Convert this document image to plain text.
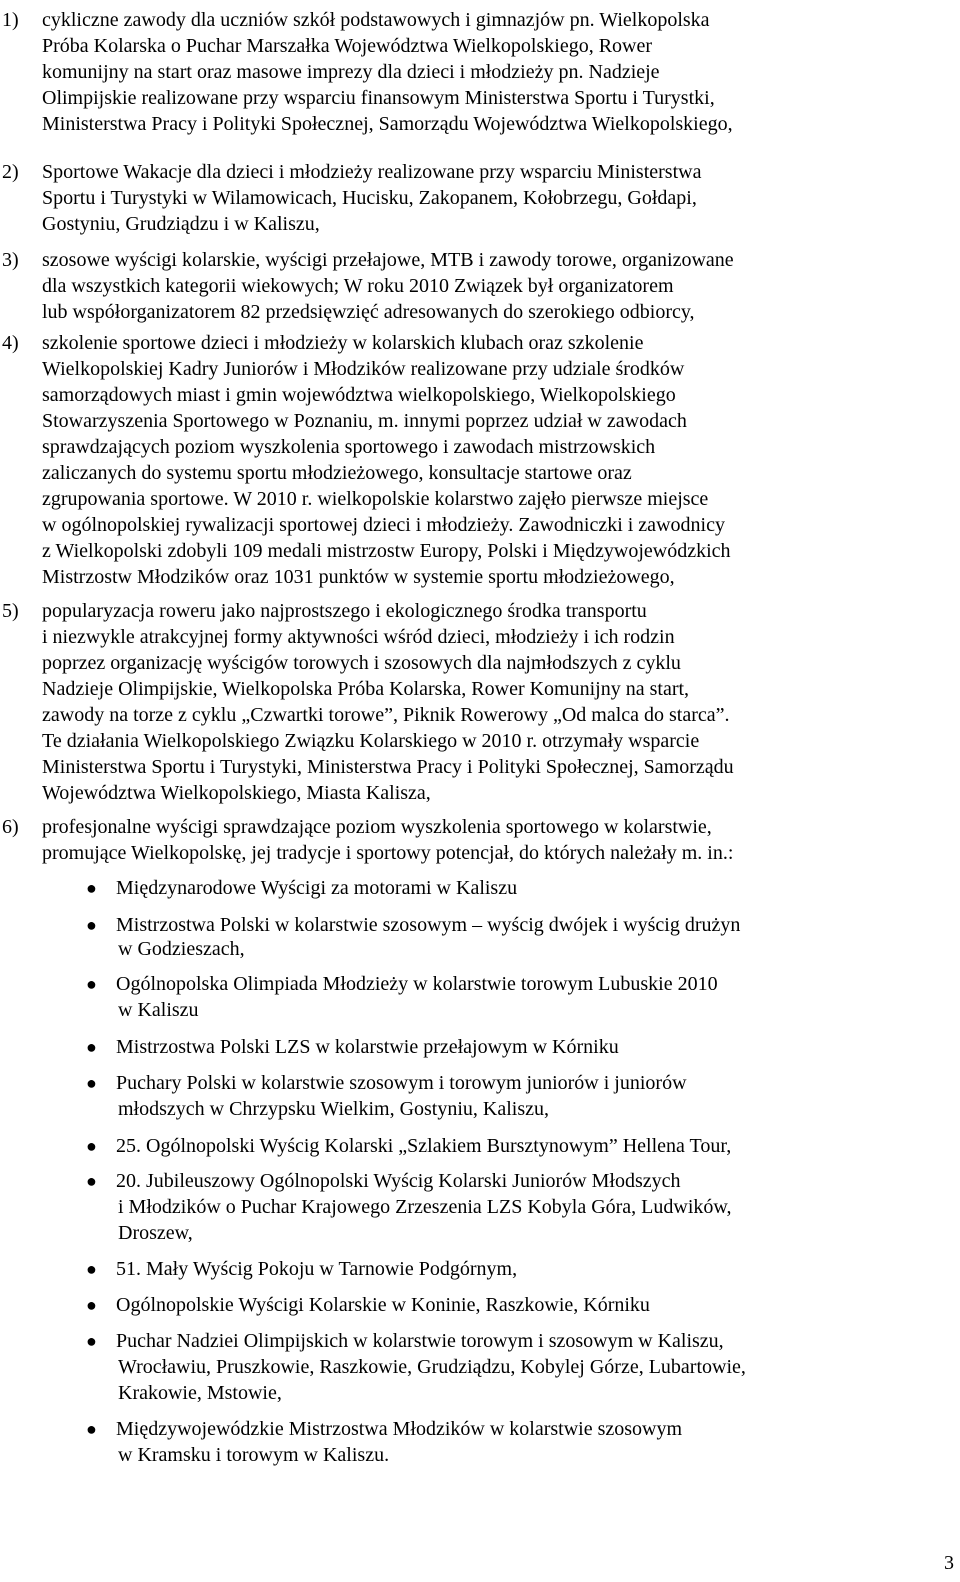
3
1) cykliczne zawody dla uczniów szkół podstawowych i gimnazjów pn. Wielkopolska
Próba Kolarska o Puchar Marszałka Województwa Wielkopolskiego, Rower
komunijny na start oraz masowe imprezy dla dzieci i młodzieży pn. Nadzieje
Olimpijskie realizowane przy wsparciu finansowym Ministerstwa Sportu i Turystki,
Ministerstwa Pracy i Polityki Społecznej, Samorządu Województwa Wielkopolskiego,
2) Sportowe Wakacje dla dzieci i młodzieży realizowane przy wsparciu Ministerstwa
Sportu i Turystyki w Wilamowicach, Hucisku, Zakopanem, Kołobrzegu, Gołdapi,
Gostyniu, Grudziądzu i w Kaliszu,
3) szosowe wyścigi kolarskie, wyścigi przełajowe, MTB i zawody torowe, organizowane
dla wszystkich kategorii wiekowych; W roku 2010 Związek był organizatorem
lub współorganizatorem 82 przedsięwzięć adresowanych do szerokiego odbiorcy,
4) szkolenie sportowe dzieci i młodzieży w kolarskich klubach oraz szkolenie
Wielkopolskiej Kadry Juniorów i Młodzików realizowane przy udziale środków
samorządowych miast i gmin województwa wielkopolskiego, Wielkopolskiego
Stowarzyszenia Sportowego w Poznaniu, m. innymi poprzez udział w zawodach
sprawdzających poziom wyszkolenia sportowego i zawodach mistrzowskich
zaliczanych do systemu sportu młodzieżowego, konsultacje startowe oraz
zgrupowania sportowe. W 2010 r. wielkopolskie kolarstwo zajęło pierwsze miejsce
w ogólnopolskiej rywalizacji sportowej dzieci i młodzieży. Zawodniczki i zawodnicy
z Wielkopolski zdobyli 109 medali mistrzostw Europy, Polski i Międzywojewódzkich
Mistrzostw Młodzików oraz 1031 punktów w systemie sportu młodzieżowego,
5) popularyzacja roweru jako najprostszego i ekologicznego środka transportu
i niezwykle atrakcyjnej formy aktywności wśród dzieci, młodzieży i ich rodzin
poprzez organizację wyścigów torowych i szosowych dla najmłodszych z cyklu
Nadzieje Olimpijskie, Wielkopolska Próba Kolarska, Rower Komunijny na start,
zawody na torze z cyklu „Czwartki torowe”, Piknik Rowerowy „Od malca do starca”.
Te działania Wielkopolskiego Związku Kolarskiego w 2010 r. otrzymały wsparcie
Ministerstwa Sportu i Turystyki, Ministerstwa Pracy i Polityki Społecznej, Samorządu
Województwa Wielkopolskiego, Miasta Kalisza,
6) profesjonalne wyścigi sprawdzające poziom wyszkolenia sportowego w kolarstwie,
promujące Wielkopolskę, jej tradycje i sportowy potencjał, do których należały m. in.:
● Międzynarodowe Wyścigi za motorami w Kaliszu
● Mistrzostwa Polski w kolarstwie szosowym – wyścig dwójek i wyścig drużyn
w Godzieszach,
● Ogólnopolska Olimpiada Młodzieży w kolarstwie torowym Lubuskie 2010
w Kaliszu
● Mistrzostwa Polski LZS w kolarstwie przełajowym w Kórniku
● Puchary Polski w kolarstwie szosowym i torowym juniorów i juniorów
młodszych w Chrzypsku Wielkim, Gostyniu, Kaliszu,
● 25. Ogólnopolski Wyścig Kolarski „Szlakiem Bursztynowym” Hellena Tour,
● 20. Jubileuszowy Ogólnopolski Wyścig Kolarski Juniorów Młodszych
i Młodzików o Puchar Krajowego Zrzeszenia LZS Kobyla Góra, Ludwików,
Droszew,
● 51. Mały Wyścig Pokoju w Tarnowie Podgórnym,
● Ogólnopolskie Wyścigi Kolarskie w Koninie, Raszkowie, Kórniku
● Puchar Nadziei Olimpijskich w kolarstwie torowym i szosowym w Kaliszu,
Wrocławiu, Pruszkowie, Raszkowie, Grudziądzu, Kobylej Górze, Lubartowie,
Krakowie, Mstowie,
● Międzywojewódzkie Mistrzostwa Młodzików w kolarstwie szosowym
w Kramsku i torowym w Kaliszu.
